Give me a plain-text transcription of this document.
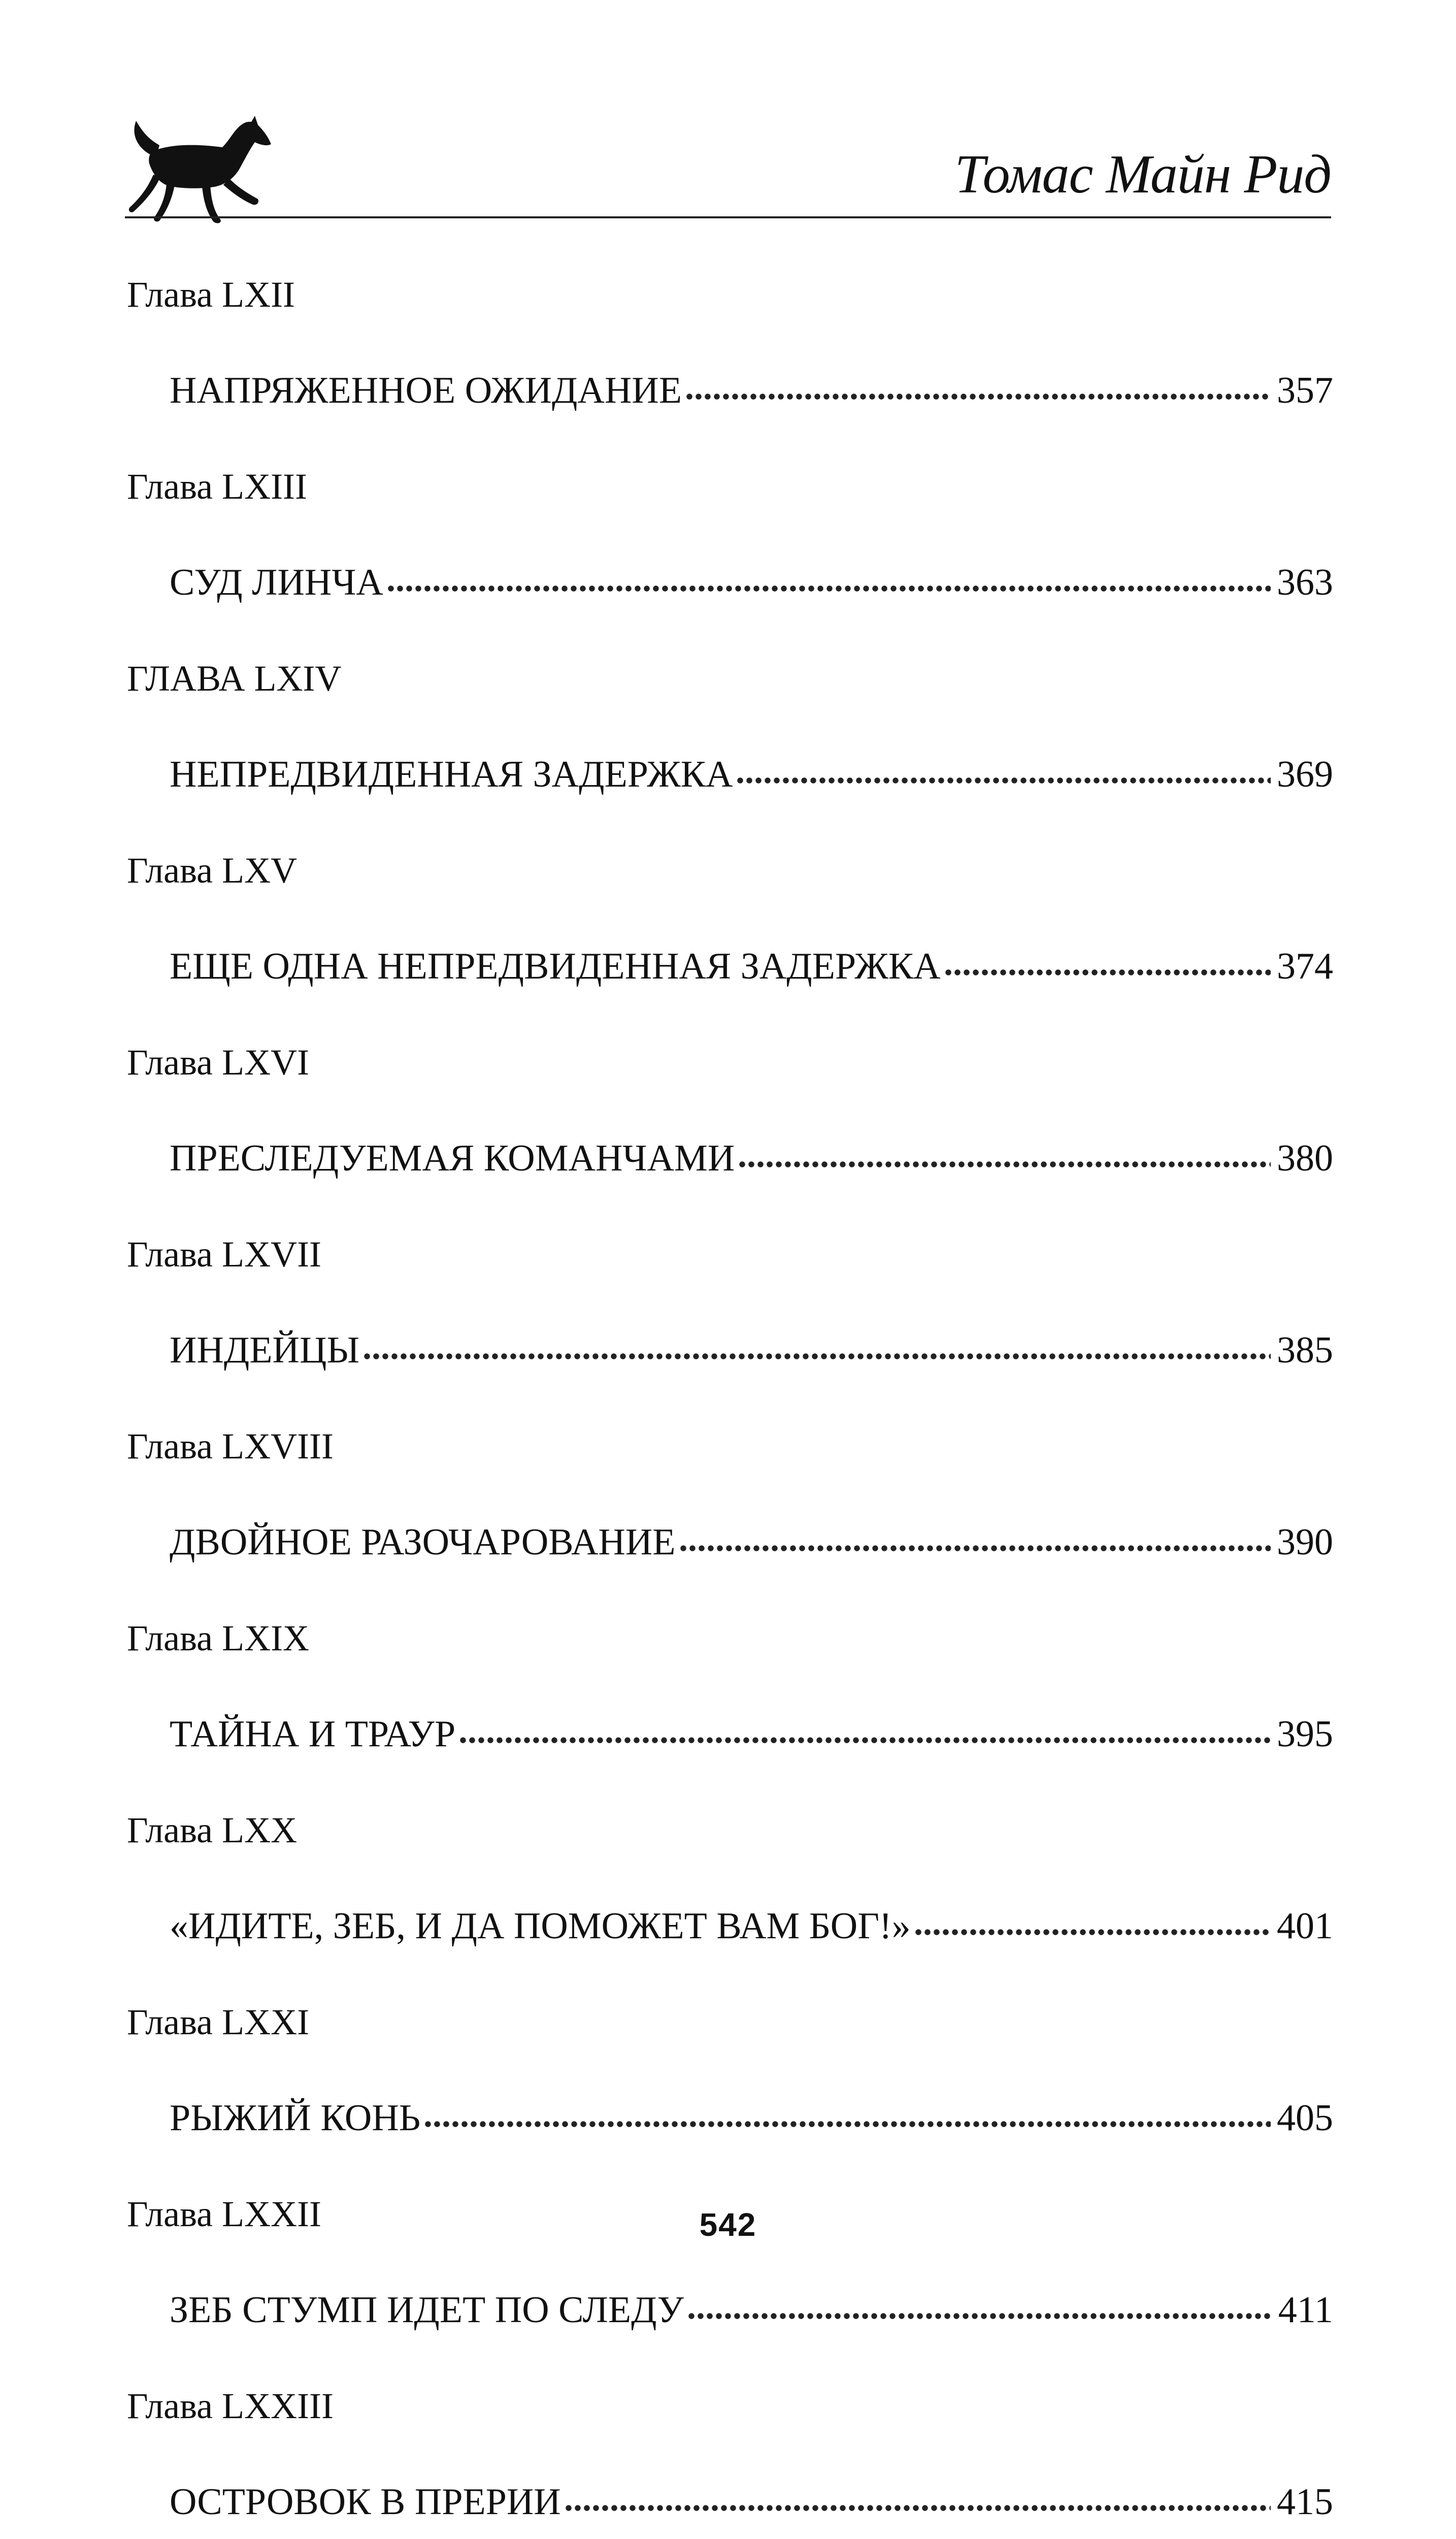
Томас Майн Рид
Глава LXII
НАПРЯЖЕННОЕ ОЖИДАНИЕ	357
Глава LXIII
СУД ЛИНЧА	363
ГЛАВА LXIV
НЕПРЕДВИДЕННАЯ ЗАДЕРЖКА	369
Глава LXV
ЕЩЕ ОДНА НЕПРЕДВИДЕННАЯ ЗАДЕРЖКА	374
Глава LXVI
ПРЕСЛЕДУЕМАЯ КОМАНЧАМИ	380
Глава LXVII
ИНДЕЙЦЫ	385
Глава LXVIII
ДВОЙНОЕ РАЗОЧАРОВАНИЕ	390
Глава LXIX
ТАЙНА И ТРАУР	395
Глава LXX
«ИДИТЕ, ЗЕБ, И ДА ПОМОЖЕТ ВАМ БОГ!»	401
Глава LXXI
РЫЖИЙ КОНЬ	405
Глава LXXII
ЗЕБ СТУМП ИДЕТ ПО СЛЕДУ	411
Глава LXXIII
ОСТРОВОК В ПРЕРИИ	415
542
